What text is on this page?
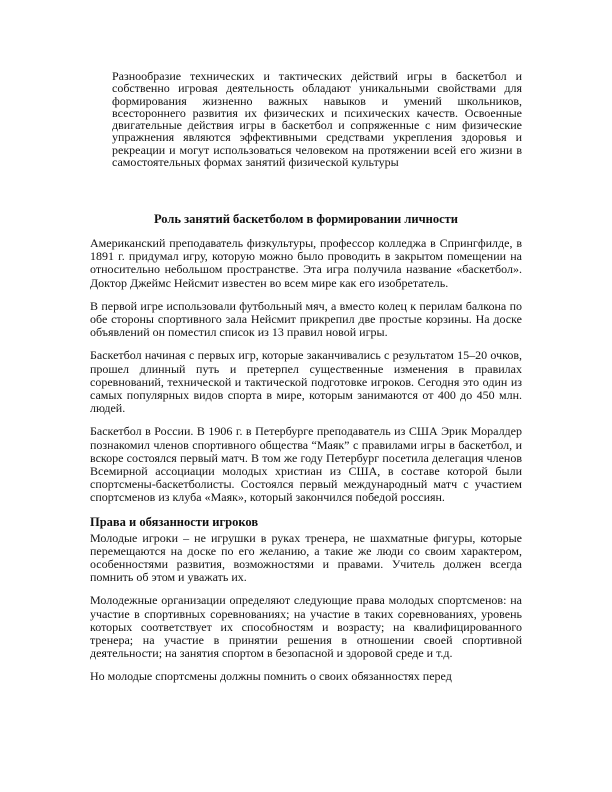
Разнообразие технических и тактических действий игры в баскетбол и собственно игровая деятельность обладают уникальными свойствами для формирования жизненно важных навыков и умений школьников, всестороннего развития их физических и психических качеств. Освоенные двигательные действия игры в баскетбол и сопряженные с ним физические упражнения являются эффективными средствами укрепления здоровья и рекреации и могут использоваться человеком на протяжении всей его жизни в самостоятельных формах занятий физической культуры

Роль занятий баскетболом в формировании личности

Американский преподаватель физкультуры, профессор колледжа в Спрингфилде, в 1891 г. придумал игру, которую можно было проводить в закрытом помещении на относительно небольшом пространстве. Эта игра получила название «баскетбол». Доктор Джеймс Нейсмит известен во всем мире как его изобретатель.

В первой игре использовали футбольный мяч, а вместо колец к перилам балкона по обе стороны спортивного зала Нейсмит прикрепил две простые корзины. На доске объявлений он поместил список из 13 правил новой игры.

Баскетбол начиная с первых игр, которые заканчивались с результатом 15–20 очков, прошел длинный путь и претерпел существенные изменения в правилах соревнований, технической и тактической подготовке игроков. Сегодня это один из самых популярных видов спорта в мире, которым занимаются от 400 до 450 млн. людей.

Баскетбол в России. В 1906 г. в Петербурге преподаватель из США Эрик Моралдер познакомил членов спортивного общества “Маяк” с правилами игры в баскетбол, и вскоре состоялся первый матч. В том же году Петербург посетила делегация членов Всемирной ассоциации молодых христиан из США, в составе которой были спортсмены-баскетболисты. Состоялся первый международный матч с участием спортсменов из клуба «Маяк», который закончился победой россиян.

Права и обязанности игроков

Молодые игроки – не игрушки в руках тренера, не шахматные фигуры, которые перемещаются на доске по его желанию, а такие же люди со своим характером, особенностями развития, возможностями и правами. Учитель должен всегда помнить об этом и уважать их.

Молодежные организации определяют следующие права молодых спортсменов: на участие в спортивных соревнованиях; на участие в таких соревнованиях, уровень которых соответствует их способностям и возрасту; на квалифицированного тренера; на участие в принятии решения в отношении своей спортивной деятельности; на занятия спортом в безопасной и здоровой среде и т.д.

Но молодые спортсмены должны помнить о своих обязанностях перед
